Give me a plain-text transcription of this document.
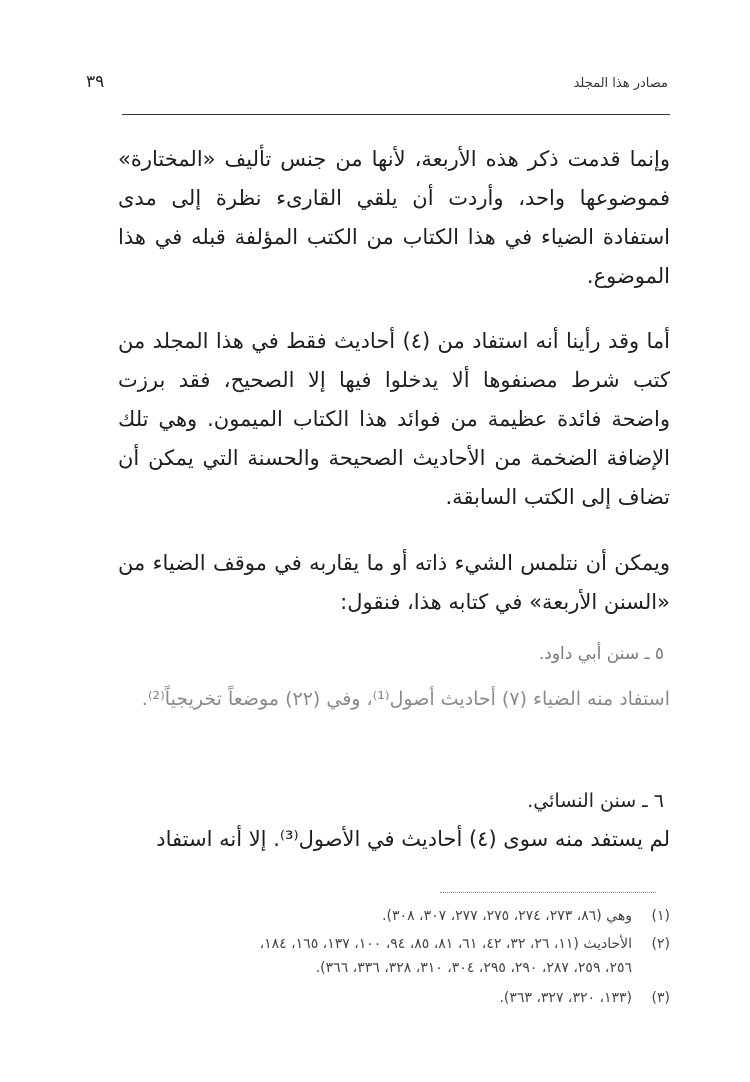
مصادر هذا المجلد
٣٩
وإنما قدمت ذكر هذه الأربعة، لأنها من جنس تأليف «المختارة» فموضوعها واحد، وأردت أن يلقي القارىء نظرة إلى مدى استفادة الضياء في هذا الكتاب من الكتب المؤلفة قبله في هذا الموضوع.
أما وقد رأينا أنه استفاد من (٤) أحاديث فقط في هذا المجلد من كتب شرط مصنفوها ألا يدخلوا فيها إلا الصحيح، فقد برزت واضحة فائدة عظيمة من فوائد هذا الكتاب الميمون. وهي تلك الإضافة الضخمة من الأحاديث الصحيحة والحسنة التي يمكن أن تضاف إلى الكتب السابقة.
ويمكن أن نتلمس الشيء ذاته أو ما يقاربه في موقف الضياء من «السنن الأربعة» في كتابه هذا، فنقول:
٥ ـ سنن أبي داود.
استفاد منه الضياء (٧) أحاديث أصول⁽¹⁾، وفي (٢٢) موضعاً تخريجياً⁽²⁾.
٦ ـ سنن النسائي.
لم يستفد منه سوى (٤) أحاديث في الأصول⁽³⁾. إلا أنه استفاد
(١)وهي (٨٦، ٢٧٣، ٢٧٤، ٢٧٥، ٢٧٧، ٣٠٧، ٣٠٨).
(٢)الأحاديث (١١، ٢٦، ٣٢، ٤٢، ٦١، ٨١، ٨٥، ٩٤، ١٠٠، ١٣٧، ١٦٥، ١٨٤،
٢٥٦، ٢٥٩، ٢٨٧، ٢٩٠، ٢٩٥، ٣٠٤، ٣١٠، ٣٢٨، ٣٣٦، ٣٦٦).
(٣)(١٣٣، ٣٢٠، ٣٢٧، ٣٦٣).
